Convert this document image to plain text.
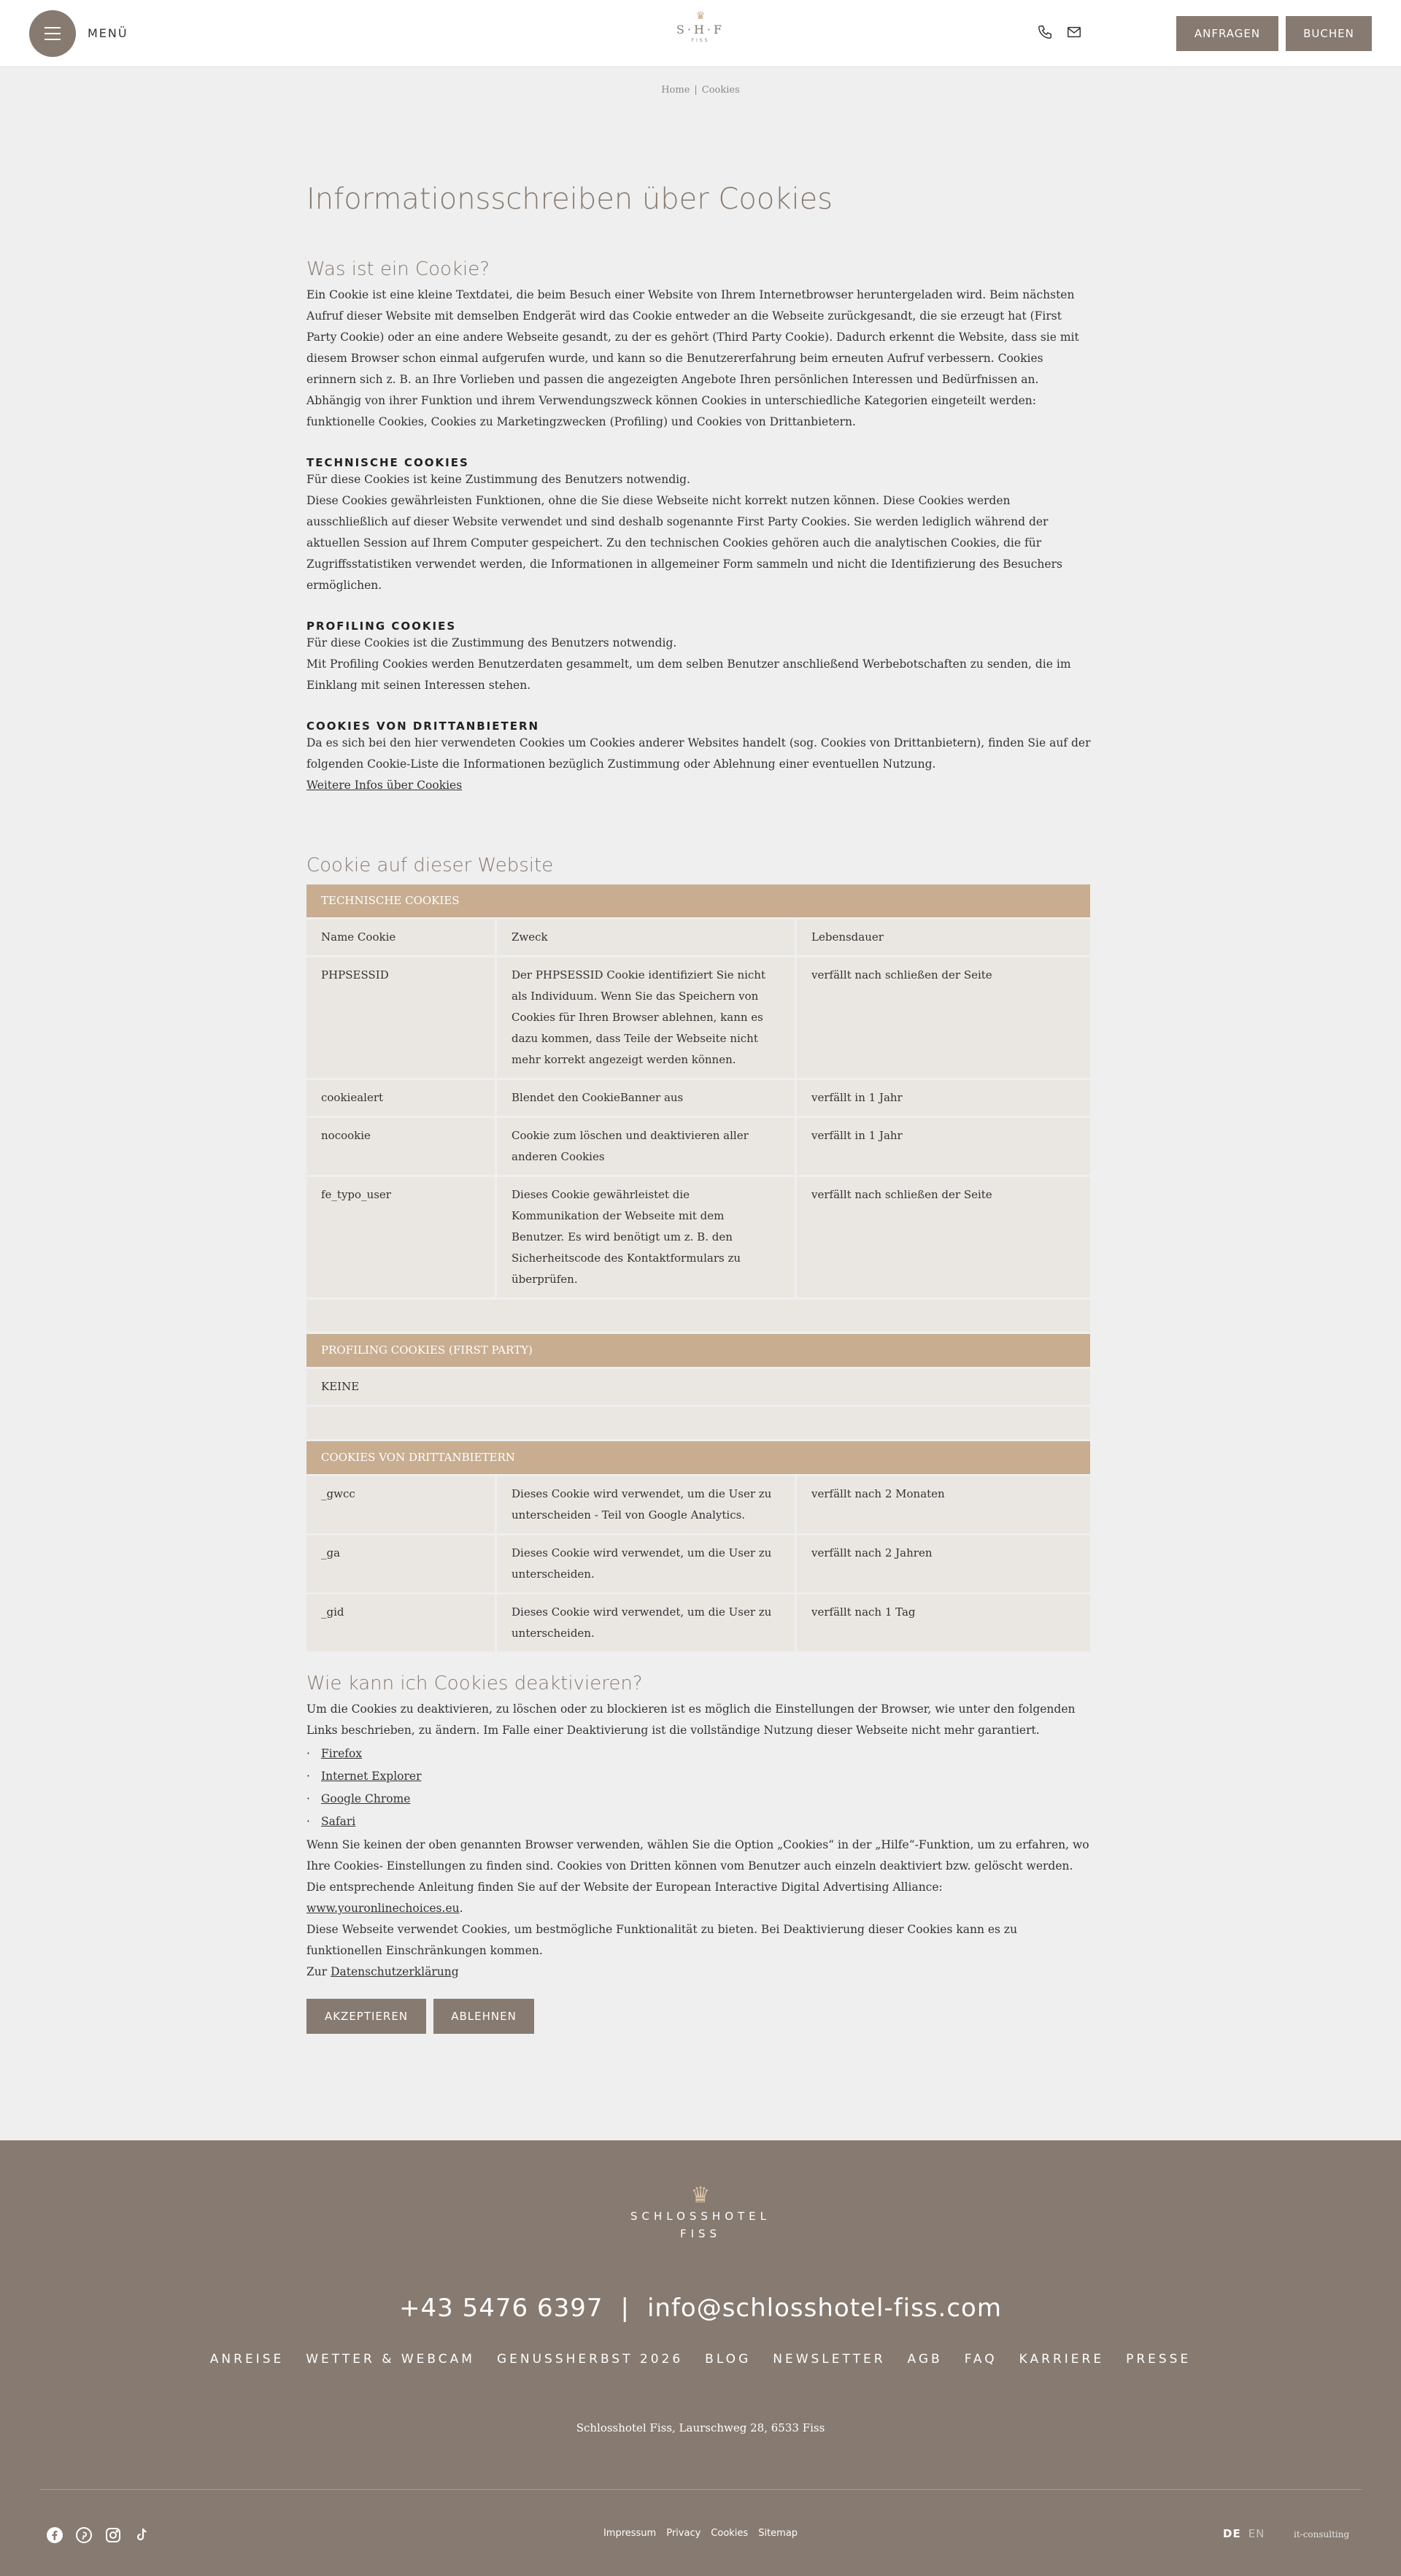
MENÜ
♛
S·H·F
FISS
ANFRAGEN	BUCHEN
Home | Cookies
Informationsschreiben über Cookies
Was ist ein Cookie?

Ein Cookie ist eine kleine Textdatei, die beim Besuch einer Website von Ihrem Internetbrowser heruntergeladen wird. Beim nächsten Aufruf dieser Website mit demselben Endgerät wird das Cookie entweder an die Webseite zurückgesandt, die sie erzeugt hat (First Party Cookie) oder an eine andere Webseite gesandt, zu der es gehört (Third Party Cookie). Dadurch erkennt die Website, dass sie mit diesem Browser schon einmal aufgerufen wurde, und kann so die Benutzererfahrung beim erneuten Aufruf verbessern. Cookies erinnern sich z. B. an Ihre Vorlieben und passen die angezeigten Angebote Ihren persönlichen Interessen und Bedürfnissen an. Abhängig von ihrer Funktion und ihrem Verwendungszweck können Cookies in unterschiedliche Kategorien eingeteilt werden: funktionelle Cookies, Cookies zu Marketingzwecken (Profiling) und Cookies von Drittanbietern.

TECHNISCHE COOKIES

Für diese Cookies ist keine Zustimmung des Benutzers notwendig.

Diese Cookies gewährleisten Funktionen, ohne die Sie diese Webseite nicht korrekt nutzen können. Diese Cookies werden ausschließlich auf dieser Website verwendet und sind deshalb sogenannte First Party Cookies. Sie werden lediglich während der aktuellen Session auf Ihrem Computer gespeichert. Zu den technischen Cookies gehören auch die analytischen Cookies, die für Zugriffsstatistiken verwendet werden, die Informationen in allgemeiner Form sammeln und nicht die Identifizierung des Besuchers ermöglichen.

PROFILING COOKIES

Für diese Cookies ist die Zustimmung des Benutzers notwendig.

Mit Profiling Cookies werden Benutzerdaten gesammelt, um dem selben Benutzer anschließend Werbebotschaften zu senden, die im Einklang mit seinen Interessen stehen.

COOKIES VON DRITTANBIETERN

Da es sich bei den hier verwendeten Cookies um Cookies anderer Websites handelt (sog. Cookies von Drittanbietern), finden Sie auf der folgenden Cookie-Liste die Informationen bezüglich Zustimmung oder Ablehnung einer eventuellen Nutzung.

Weitere Infos über Cookies

Cookie auf dieser Website
TECHNISCHE COOKIES		
Name Cookie	Zweck	Lebensdauer
PHPSESSID	Der PHPSESSID Cookie identifiziert Sie nicht als Individuum. Wenn Sie das Speichern von Cookies für Ihren Browser ablehnen, kann es dazu kommen, dass Teile der Webseite nicht mehr korrekt angezeigt werden können.	verfällt nach schließen der Seite
cookiealert	Blendet den CookieBanner aus	verfällt in 1 Jahr
nocookie	Cookie zum löschen und deaktivieren aller anderen Cookies	verfällt in 1 Jahr
fe_typo_user	Dieses Cookie gewährleistet die Kommunikation der Webseite mit dem Benutzer. Es wird benötigt um z. B. den Sicherheitscode des Kontaktformulars zu überprüfen.	verfällt nach schließen der Seite

PROFILING COOKIES (FIRST PARTY)		
KEINE		

COOKIES VON DRITTANBIETERN		
_gwcc	Dieses Cookie wird verwendet, um die User zu unterscheiden - Teil von Google Analytics.	verfällt nach 2 Monaten
_ga	Dieses Cookie wird verwendet, um die User zu unterscheiden.	verfällt nach 2 Jahren
_gid	Dieses Cookie wird verwendet, um die User zu unterscheiden.	verfällt nach 1 Tag
Wie kann ich Cookies deaktivieren?

Um die Cookies zu deaktivieren, zu löschen oder zu blockieren ist es möglich die Einstellungen der Browser, wie unter den folgenden Links beschrieben, zu ändern. Im Falle einer Deaktivierung ist die vollständige Nutzung dieser Webseite nicht mehr garantiert.

· Firefox
· Internet Explorer
· Google Chrome
· Safari

Wenn Sie keinen der oben genannten Browser verwenden, wählen Sie die Option „Cookies“ in der „Hilfe“-Funktion, um zu erfahren, wo Ihre Cookies- Einstellungen zu finden sind. Cookies von Dritten können vom Benutzer auch einzeln deaktiviert bzw. gelöscht werden. Die entsprechende Anleitung finden Sie auf der Website der European Interactive Digital Advertising Alliance: www.youronlinechoices.eu.

Diese Webseite verwendet Cookies, um bestmögliche Funktionalität zu bieten. Bei Deaktivierung dieser Cookies kann es zu funktionellen Einschränkungen kommen.

Zur Datenschutzerklärung

AKZEPTIEREN	ABLEHNEN
♛
SCHLOSSHOTEL
FISS
+43 5476 6397 | info@schlosshotel-fiss.com
ANREISE WETTER & WEBCAM GENUSSHERBST 2026 BLOG NEWSLETTER AGB FAQ KARRIERE PRESSE
Schlosshotel Fiss, Laurschweg 28, 6533 Fiss
Impressum Privacy Cookies Sitemap	DE EN	it-consulting
